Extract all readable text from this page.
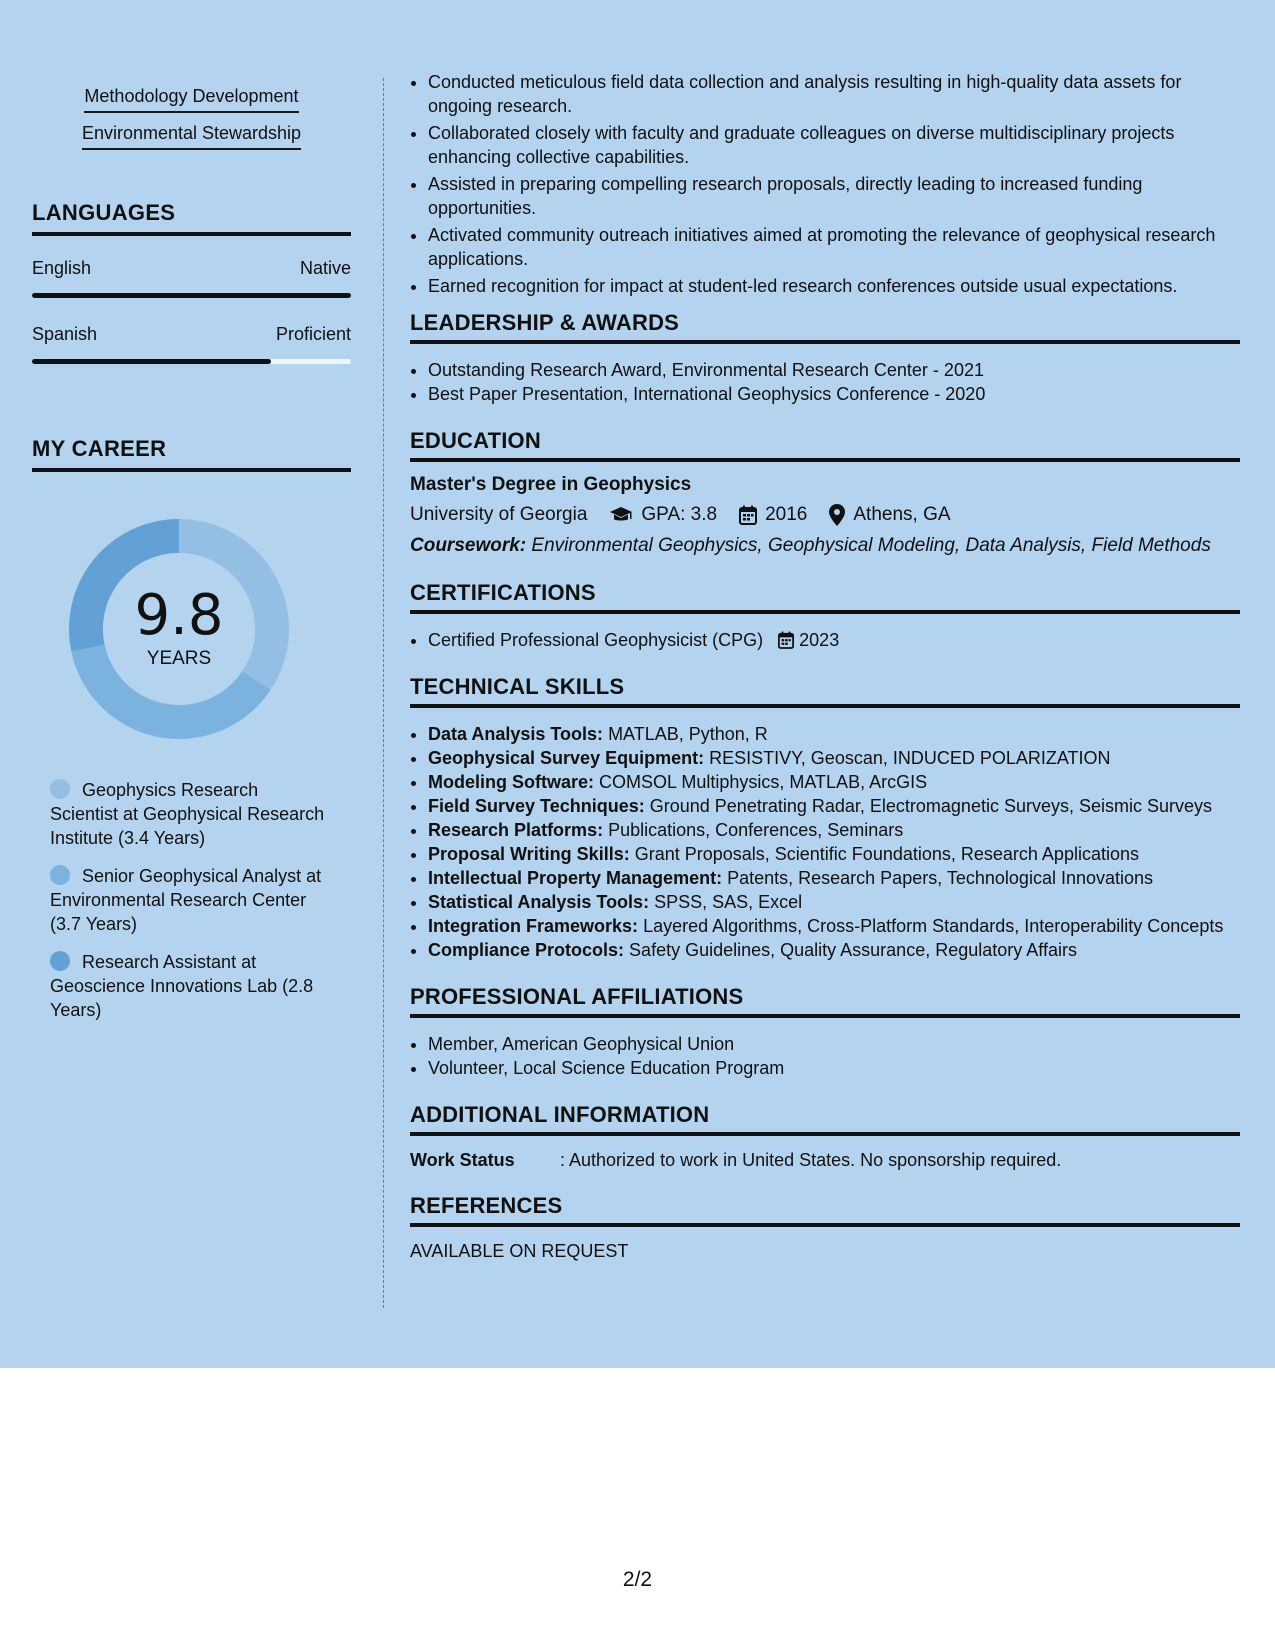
Methodology Development
Environmental Stewardship
LANGUAGES
English	Native
Spanish	Proficient
MY CAREER
9.8
YEARS
Geophysics Research Scientist at Geophysical Research Institute (3.4 Years)
Senior Geophysical Analyst at Environmental Research Center (3.7 Years)
Research Assistant at Geoscience Innovations Lab (2.8 Years)
• Conducted meticulous field data collection and analysis resulting in high-quality data assets for ongoing research.
• Collaborated closely with faculty and graduate colleagues on diverse multidisciplinary projects enhancing collective capabilities.
• Assisted in preparing compelling research proposals, directly leading to increased funding opportunities.
• Activated community outreach initiatives aimed at promoting the relevance of geophysical research applications.
• Earned recognition for impact at student-led research conferences outside usual expectations.
LEADERSHIP & AWARDS
• Outstanding Research Award, Environmental Research Center - 2021
• Best Paper Presentation, International Geophysics Conference - 2020
EDUCATION
Master's Degree in Geophysics
University of Georgia	GPA: 3.8	2016 Athens, GA
Coursework: Environmental Geophysics, Geophysical Modeling, Data Analysis, Field Methods
CERTIFICATIONS
• Certified Professional Geophysicist (CPG) 2023
TECHNICAL SKILLS
• Data Analysis Tools: MATLAB, Python, R
• Geophysical Survey Equipment: RESISTIVY, Geoscan, INDUCED POLARIZATION
• Modeling Software: COMSOL Multiphysics, MATLAB, ArcGIS
• Field Survey Techniques: Ground Penetrating Radar, Electromagnetic Surveys, Seismic Surveys
• Research Platforms: Publications, Conferences, Seminars
• Proposal Writing Skills: Grant Proposals, Scientific Foundations, Research Applications
• Intellectual Property Management: Patents, Research Papers, Technological Innovations
• Statistical Analysis Tools: SPSS, SAS, Excel
• Integration Frameworks: Layered Algorithms, Cross-Platform Standards, Interoperability Concepts
• Compliance Protocols: Safety Guidelines, Quality Assurance, Regulatory Affairs
PROFESSIONAL AFFILIATIONS
• Member, American Geophysical Union
• Volunteer, Local Science Education Program
ADDITIONAL INFORMATION
Work Status	: Authorized to work in United States. No sponsorship required.
REFERENCES
AVAILABLE ON REQUEST
2/2
